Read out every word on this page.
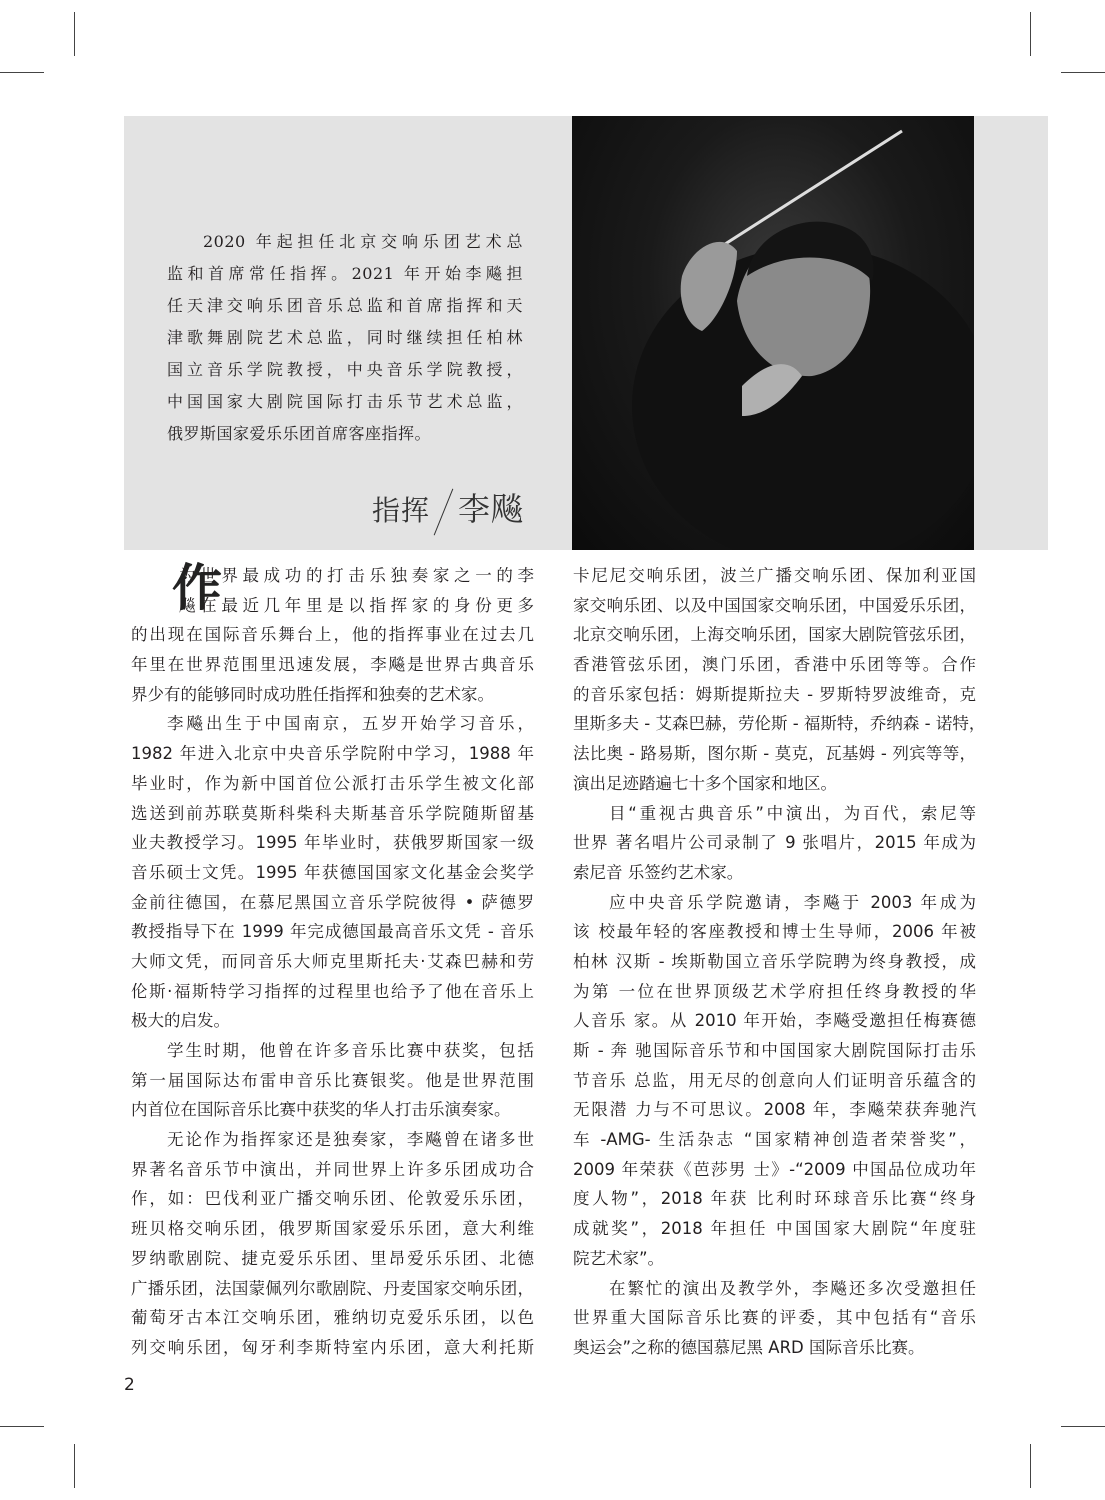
2020 年起担任北京交响乐团艺术总
监和首席常任指挥。2021 年开始李飚担
任天津交响乐团音乐总监和首席指挥和天
津歌舞剧院艺术总监，同时继续担任柏林
国立音乐学院教授，中央音乐学院教授，
中国国家大剧院国际打击乐节艺术总监，
俄罗斯国家爱乐乐团首席客座指挥。
指挥 李飚
作
为世界最成功的打击乐独奏家之一的李
飚在最近几年里是以指挥家的身份更多
的出现在国际音乐舞台上，他的指挥事业在过去几
年里在世界范围里迅速发展，李飚是世界古典音乐
界少有的能够同时成功胜任指挥和独奏的艺术家。
李飚出生于中国南京，五岁开始学习音乐，
1982 年进入北京中央音乐学院附中学习，1988 年
毕业时，作为新中国首位公派打击乐学生被文化部
选送到前苏联莫斯科柴科夫斯基音乐学院随斯留基
业夫教授学习。1995 年毕业时，获俄罗斯国家一级
音乐硕士文凭。1995 年获德国国家文化基金会奖学
金前往德国，在慕尼黑国立音乐学院彼得 • 萨德罗
教授指导下在 1999 年完成德国最高音乐文凭 - 音乐
大师文凭，而同音乐大师克里斯托夫·艾森巴赫和劳
伦斯·福斯特学习指挥的过程里也给予了他在音乐上
极大的启发。
学生时期，他曾在许多音乐比赛中获奖，包括
第一届国际达布雷申音乐比赛银奖。他是世界范围
内首位在国际音乐比赛中获奖的华人打击乐演奏家。
无论作为指挥家还是独奏家，李飚曾在诸多世
界著名音乐节中演出，并同世界上许多乐团成功合
作，如：巴伐利亚广播交响乐团、伦敦爱乐乐团，
班贝格交响乐团，俄罗斯国家爱乐乐团，意大利维
罗纳歌剧院、捷克爱乐乐团、里昂爱乐乐团、北德
广播乐团，法国蒙佩列尔歌剧院、丹麦国家交响乐团，
葡萄牙古本江交响乐团，雅纳切克爱乐乐团，以色
列交响乐团，匈牙利李斯特室内乐团，意大利托斯
卡尼尼交响乐团，波兰广播交响乐团、保加利亚国
家交响乐团、以及中国国家交响乐团，中国爱乐乐团，
北京交响乐团，上海交响乐团，国家大剧院管弦乐团，
香港管弦乐团，澳门乐团，香港中乐团等等。合作
的音乐家包括：姆斯提斯拉夫 - 罗斯特罗波维奇，克
里斯多夫 - 艾森巴赫，劳伦斯 - 福斯特，乔纳森 - 诺特，
法比奥 - 路易斯，图尔斯 - 莫克，瓦基姆 - 列宾等等，
演出足迹踏遍七十多个国家和地区。
目“重视古典音乐”中演出，为百代，索尼等
世界 著名唱片公司录制了 9 张唱片，2015 年成为
索尼音 乐签约艺术家。
应中央音乐学院邀请，李飚于 2003 年成为
该 校最年轻的客座教授和博士生导师，2006 年被
柏林 汉斯 - 埃斯勒国立音乐学院聘为终身教授，成
为第 一位在世界顶级艺术学府担任终身教授的华
人音乐 家。从 2010 年开始，李飚受邀担任梅赛德
斯 - 奔 驰国际音乐节和中国国家大剧院国际打击乐
节音乐 总监，用无尽的创意向人们证明音乐蕴含的
无限潜 力与不可思议。2008 年，李飚荣获奔驰汽
车 -AMG- 生活杂志 “国家精神创造者荣誉奖”，
2009 年荣获《芭莎男 士》-“2009 中国品位成功年
度人物”，2018 年获 比利时环球音乐比赛“终身
成就奖”，2018 年担任 中国国家大剧院“年度驻
院艺术家”。
在繁忙的演出及教学外，李飚还多次受邀担任
世界重大国际音乐比赛的评委，其中包括有“音乐
奥运会”之称的德国慕尼黑 ARD 国际音乐比赛。
2
